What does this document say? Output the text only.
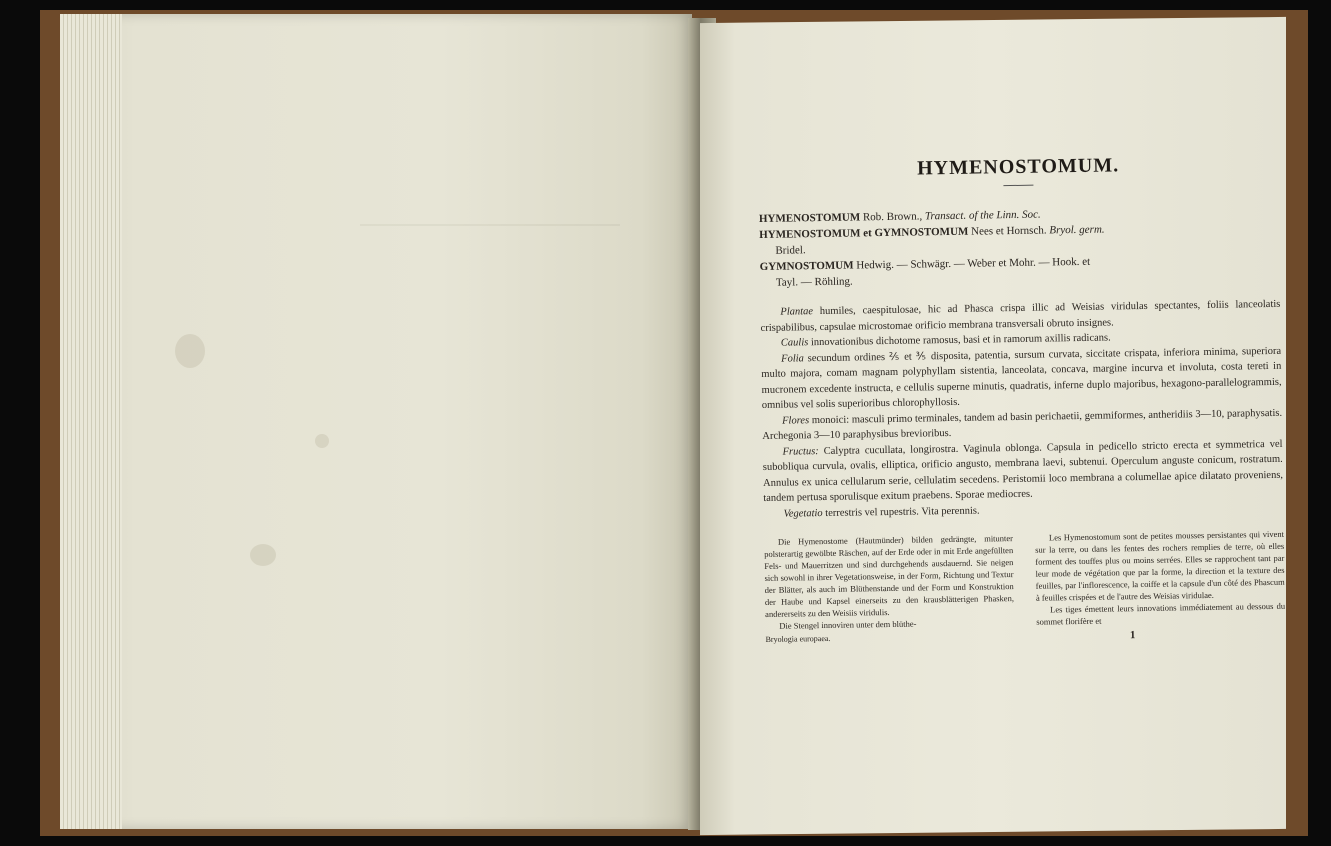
HYMENOSTOMUM.

HYMENOSTOMUM Rob. Brown., Transact. of the Linn. Soc.

HYMENOSTOMUM et GYMNOSTOMUM Nees et Hornsch. Bryol. germ.

Bridel.

GYMNOSTOMUM Hedwig. — Schwägr. — Weber et Mohr. — Hook. et

Tayl. — Röhling.

Plantae humiles, caespitulosae, hic ad Phasca crispa illic ad Weisias viridulas spectantes, foliis lanceolatis crispabilibus, capsulae microstomae orificio membrana transversali obruto insignes.

Caulis innovationibus dichotome ramosus, basi et in ramorum axillis radicans.

Folia secundum ordines ⅖ et ⅗ disposita, patentia, sursum curvata, siccitate crispata, inferiora minima, superiora multo majora, comam magnam polyphyllam sistentia, lanceolata, concava, margine incurva et involuta, costa tereti in mucronem excedente instructa, e cellulis superne minutis, quadratis, inferne duplo majoribus, hexagono-parallelogrammis, omnibus vel solis superioribus chlorophyllosis.

Flores monoici: masculi primo terminales, tandem ad basin perichaetii, gemmiformes, antheridiis 3—10, paraphysatis. Archegonia 3—10 paraphysibus brevioribus.

Fructus: Calyptra cucullata, longirostra. Vaginula oblonga. Capsula in pedicello stricto erecta et symmetrica vel subobliqua curvula, ovalis, elliptica, orificio angusto, membrana laevi, subtenui. Operculum anguste conicum, rostratum. Annulus ex unica cellularum serie, cellulatim secedens. Peristomii loco membrana a columellae apice dilatato proveniens, tandem pertusa sporulisque exitum praebens. Sporae mediocres.

Vegetatio terrestris vel rupestris. Vita perennis.

Die Hymenostome (Hautmünder) bilden gedrängte, mitunter polsterartig gewölbte Räschen, auf der Erde oder in mit Erde angefüllten Fels- und Mauerritzen und sind durchgehends ausdauernd. Sie neigen sich sowohl in ihrer Vegetationsweise, in der Form, Richtung und Textur der Blätter, als auch im Blüthenstande und der Form und Konstruktion der Haube und Kapsel einerseits zu den krausblätterigen Phasken, andererseits zu den Weisiis viridulis.

Die Stengel innoviren unter dem blüthe-

Les Hymenostomum sont de petites mousses persistantes qui vivent sur la terre, ou dans les fentes des rochers remplies de terre, où elles forment des touffes plus ou moins serrées. Elles se rapprochent tant par leur mode de végétation que par la forme, la direction et la texture des feuilles, par l'inflorescence, la coiffe et la capsule d'un côté des Phascum à feuilles crispées et de l'autre des Weisias viridulae.

Les tiges émettent leurs innovations immédiatement au dessous du sommet florifère et

Bryologia europaea.	1
